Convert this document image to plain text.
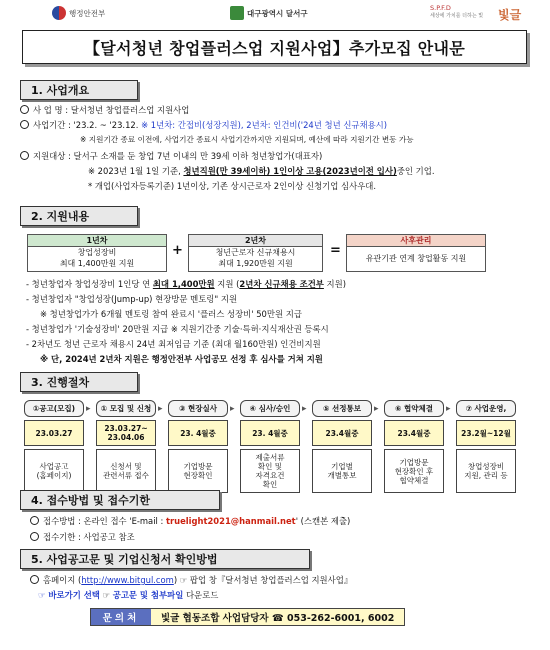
행정안전부	대구광역시 달서구
S.P.F.D
세상에 가치를 더하는 빛 빛글
【달서청년 창업플러스업 지원사업】추가모집 안내문
1. 사업개요
사 업 명 : 달서청년 창업플러스업 지원사업
사업기간 : '23.2. ~ '23.12. ※ 1년차: 간접비(성장지원), 2년차: 인건비('24년 청년 신규채용시)
※ 지원기간 종료 이전에, 사업기간 종료시 사업기간까지만 지원되며, 예산에 따라 지원기간 변동 가능
지원대상 : 달서구 소재를 둔 창업 7년 이내의 만 39세 이하 청년창업가(대표자)
※ 2023년 1월 1일 기준, 청년직원(만 39세이하) 1인이상 고용(2023년이전 입사)중인 기업.
* 개업(사업자등록기준) 1년이상, 기존 상시근로자 2인이상 신청기업 심사우대.
2. 지원내용
1년차
창업성장비
최대 1,400만원 지원
+
2년차
청년근로자 신규채용시
최대 1,920만원 지원
=
사후관리
유관기관 연계 창업활동 지원
- 청년창업자 창업성장비 1인당 연 최대 1,400만원 지원 (2년차 신규채용 조건부 지원)
- 청년창업자 "창업성장(Jump-up) 현장방문 멘토링" 지원
※ 청년창업가가 6개월 멘토링 참여 완료시 '플러스 성장비' 50만원 지급
- 청년창업가 '기술성장비' 20만원 지급 ※ 지원기간중 기술·특허·지식재산권 등록시
- 2차년도 청년 근로자 채용시 24년 최저임금 기준 (최대 월160만원) 인건비지원
※ 단, 2024년 2년차 지원은 행정안전부 사업공모 선정 후 심사를 거쳐 지원
3. 진행절차
①공고(모집)
23.03.27
사업공고
(홈페이지)
▸	① 모집 및 신청
23.03.27~
23.04.06
신청서 및
관련서류 접수
▸	③ 현장실사
23. 4월중
기업방문
현장확인
▸	④ 심사/승인
23. 4월중
제출서류
확인 및
자격요건
확인
▸	⑤ 선정통보
23.4월중
기업별
개별통보
▸	⑥ 협약체결
23.4월중
기업방문
현장확인 후
협약체결
▸	⑦ 사업운영,
23.2월~12월
창업성장비
지원, 관리 등
4. 접수방법 및 접수기한
접수방법 : 온라인 접수 'E-mail : truelight2021@hanmail.net' (스캔본 제출)
접수기한 : 사업공고 참조
5. 사업공고문 및 기업신청서 확인방법
홈페이지 (http://www.bitgul.com) ☞ 팝업 창『달서청년 창업플러스업 지원사업』
☞ 바로가기 선택 ☞ 공고문 및 첨부파일 다운로드
문의처	빛글 협동조합 사업담당자 ☎ 053-262-6001, 6002
